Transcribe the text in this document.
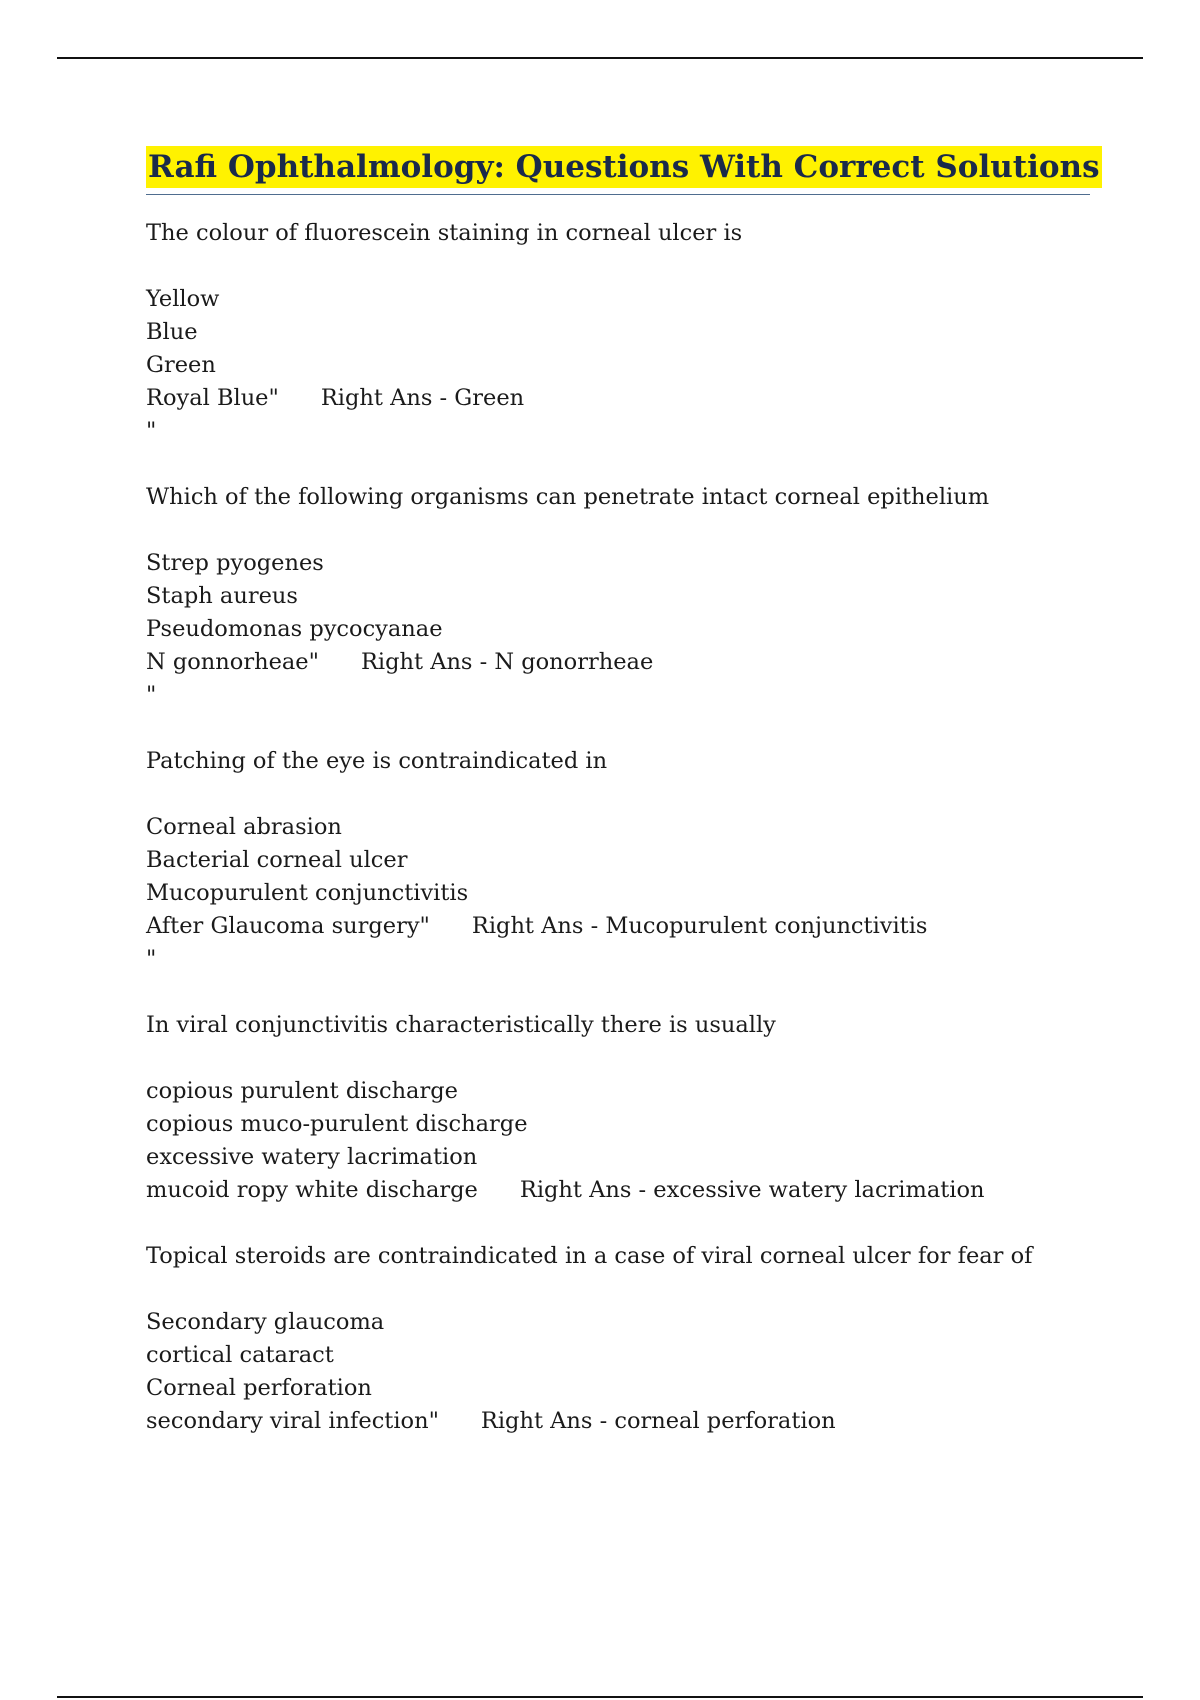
Rafi Ophthalmology: Questions With Correct Solutions

The colour of fluorescein staining in corneal ulcer is

Yellow

Blue

Green

Royal Blue" Right Ans - Green

"

Which of the following organisms can penetrate intact corneal epithelium

Strep pyogenes

Staph aureus

Pseudomonas pycocyanae

N gonnorheae" Right Ans - N gonorrheae

"

Patching of the eye is contraindicated in

Corneal abrasion

Bacterial corneal ulcer

Mucopurulent conjunctivitis

After Glaucoma surgery" Right Ans - Mucopurulent conjunctivitis

"

In viral conjunctivitis characteristically there is usually

copious purulent discharge

copious muco-purulent discharge

excessive watery lacrimation

mucoid ropy white discharge Right Ans - excessive watery lacrimation

Topical steroids are contraindicated in a case of viral corneal ulcer for fear of

Secondary glaucoma

cortical cataract

Corneal perforation

secondary viral infection" Right Ans - corneal perforation
